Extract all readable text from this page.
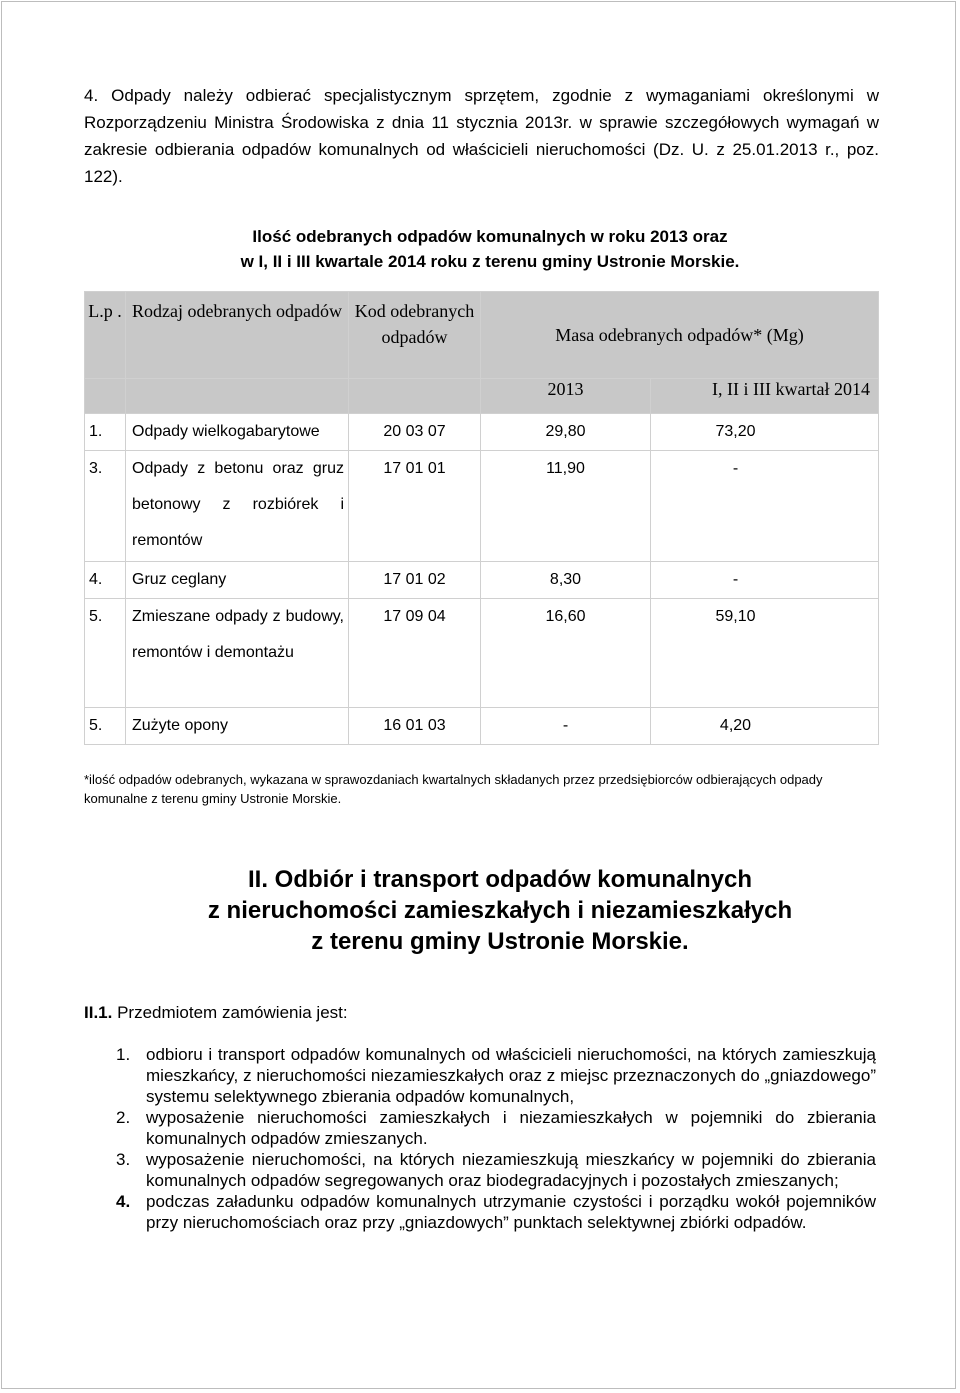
4. Odpady należy odbierać specjalistycznym sprzętem, zgodnie z wymaganiami określonymi w Rozporządzeniu Ministra Środowiska z dnia 11 stycznia 2013r. w sprawie szczegółowych wymagań w zakresie odbierania odpadów komunalnych od właścicieli nieruchomości (Dz. U. z 25.01.2013 r., poz. 122).

Ilość odebranych odpadów komunalnych w roku 2013 oraz
w I, II i III kwartale 2014 roku z terenu gminy Ustronie Morskie.
L.p .	Rodzaj odebranych odpadów	Kod odebranych odpadów	Masa odebranych odpadów* (Mg)	
			2013	I, II i III kwartał 2014
1.	Odpady wielkogabarytowe	20 03 07	29,80	73,20
3.	Odpady z betonu oraz gruz betonowy z rozbiórek i remontów	17 01 01	11,90	-
4.	Gruz ceglany	17 01 02	8,30	-
5.	Zmieszane odpady z budowy, remontów i demontażu	17 09 04	16,60	59,10
5.	Zużyte opony	16 01 03	-	4,20

*ilość odpadów odebranych, wykazana w sprawozdaniach kwartalnych składanych przez przedsiębiorców odbierających odpady komunalne z terenu gminy Ustronie Morskie.

II. Odbiór i transport odpadów komunalnych
z nieruchomości zamieszkałych i niezamieszkałych
z terenu gminy Ustronie Morskie.
II.1. Przedmiotem zamówienia jest:
1. odbioru i transport odpadów komunalnych od właścicieli nieruchomości, na których zamieszkują mieszkańcy, z nieruchomości niezamieszkałych oraz z miejsc przeznaczonych do „gniazdowego” systemu selektywnego zbierania odpadów komunalnych,
2. wyposażenie nieruchomości zamieszkałych i niezamieszkałych w pojemniki do zbierania komunalnych odpadów zmieszanych.
3. wyposażenie nieruchomości, na których niezamieszkują mieszkańcy w pojemniki do zbierania komunalnych odpadów segregowanych oraz biodegradacyjnych i pozostałych zmieszanych;
4. podczas załadunku odpadów komunalnych utrzymanie czystości i porządku wokół pojemników przy nieruchomościach oraz przy „gniazdowych” punktach selektywnej zbiórki odpadów.
